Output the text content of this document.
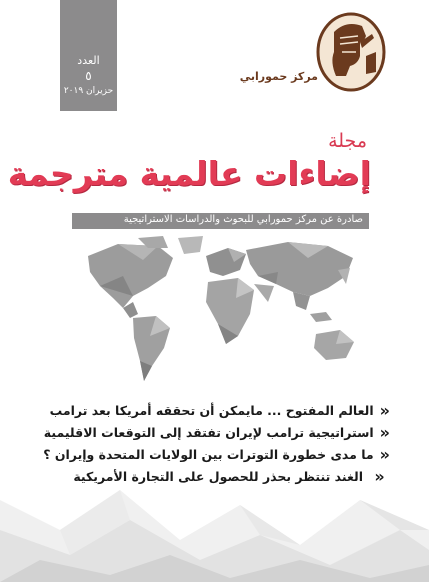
العدد
٥
حزيران ٢٠١٩
مركز حمورابي
مجلة
إضاءات عالمية مترجمة
صادرة عن مركز حمورابي للبحوث والدراسات الاستراتيجية
«
العالم المفتوح ... مايمكن أن تحققه أمريكا بعد ترامب
«
استراتيجية ترامب لإيران تفتقد إلى التوقعات الاقليمية
«
ما مدى خطورة التوترات بين الولايات المتحدة وإيران ؟
«
الغند تنتظر بحذر للحصول على التجارة الأمريكية
